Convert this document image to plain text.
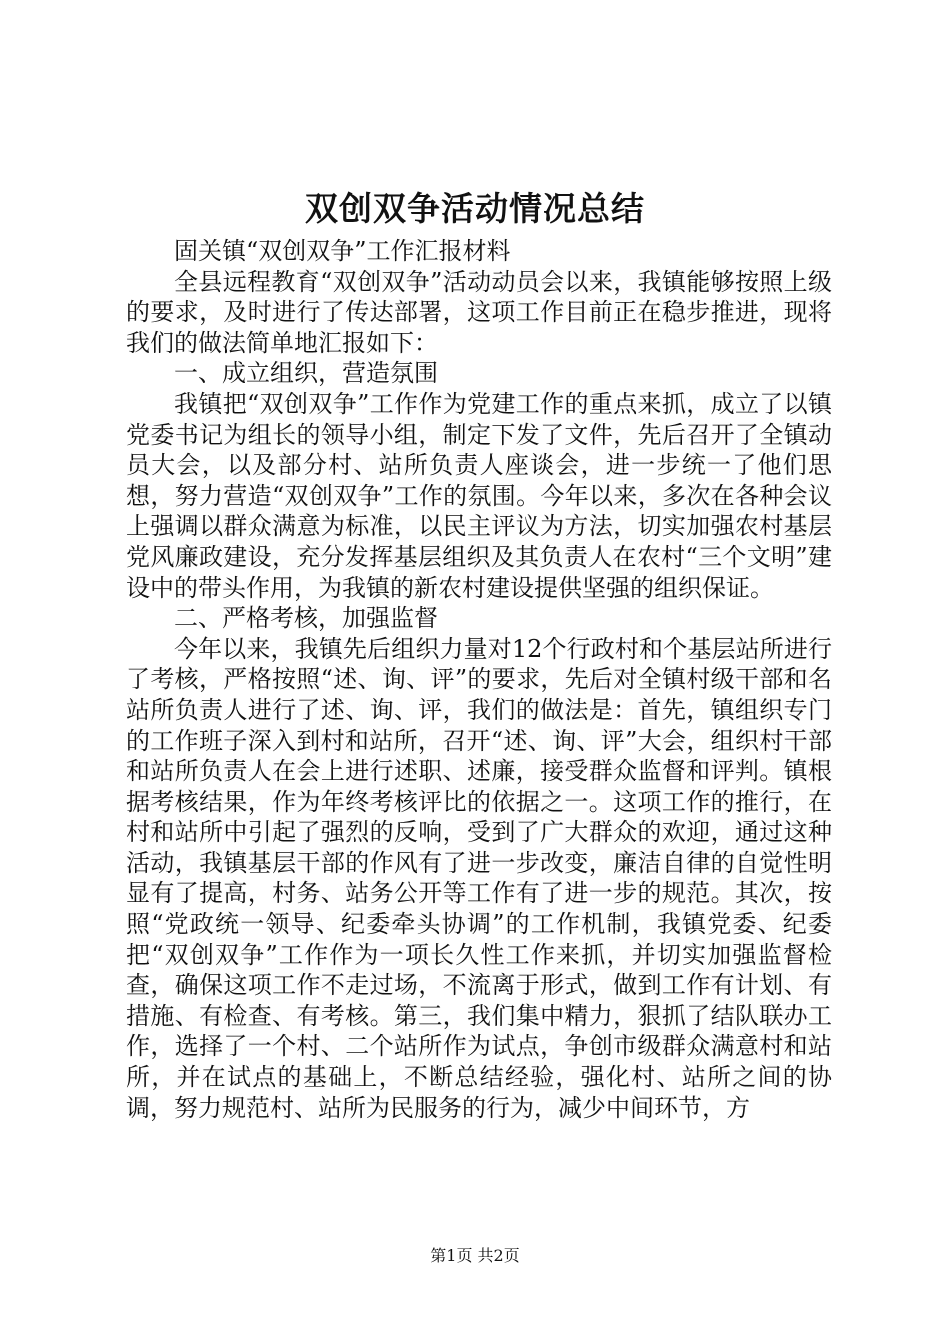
双创双争活动情况总结

固关镇“双创双争”工作汇报材料

全县远程教育“双创双争”活动动员会以来，我镇能够按照上级的要求，及时进行了传达部署，这项工作目前正在稳步推进，现将我们的做法简单地汇报如下：

一、成立组织，营造氛围

我镇把“双创双争”工作作为党建工作的重点来抓，成立了以镇党委书记为组长的领导小组，制定下发了文件，先后召开了全镇动员大会，以及部分村、站所负责人座谈会，进一步统一了他们思想，努力营造“双创双争”工作的氛围。今年以来，多次在各种会议上强调以群众满意为标准，以民主评议为方法，切实加强农村基层党风廉政建设，充分发挥基层组织及其负责人在农村“三个文明”建设中的带头作用，为我镇的新农村建设提供坚强的组织保证。

二、严格考核，加强监督

今年以来，我镇先后组织力量对12个行政村和个基层站所进行了考核，严格按照“述、询、评”的要求，先后对全镇村级干部和名站所负责人进行了述、询、评，我们的做法是：首先，镇组织专门的工作班子深入到村和站所，召开“述、询、评”大会，组织村干部和站所负责人在会上进行述职、述廉，接受群众监督和评判。镇根据考核结果，作为年终考核评比的依据之一。这项工作的推行，在村和站所中引起了强烈的反响，受到了广大群众的欢迎，通过这种活动，我镇基层干部的作风有了进一步改变，廉洁自律的自觉性明显有了提高，村务、站务公开等工作有了进一步的规范。其次，按照“党政统一领导、纪委牵头协调”的工作机制，我镇党委、纪委把“双创双争”工作作为一项长久性工作来抓，并切实加强监督检查，确保这项工作不走过场，不流离于形式，做到工作有计划、有措施、有检查、有考核。第三，我们集中精力，狠抓了结队联办工作，选择了一个村、二个站所作为试点，争创市级群众满意村和站所，并在试点的基础上，不断总结经验，强化村、站所之间的协调，努力规范村、站所为民服务的行为，减少中间环节，方

第1页 共2页
